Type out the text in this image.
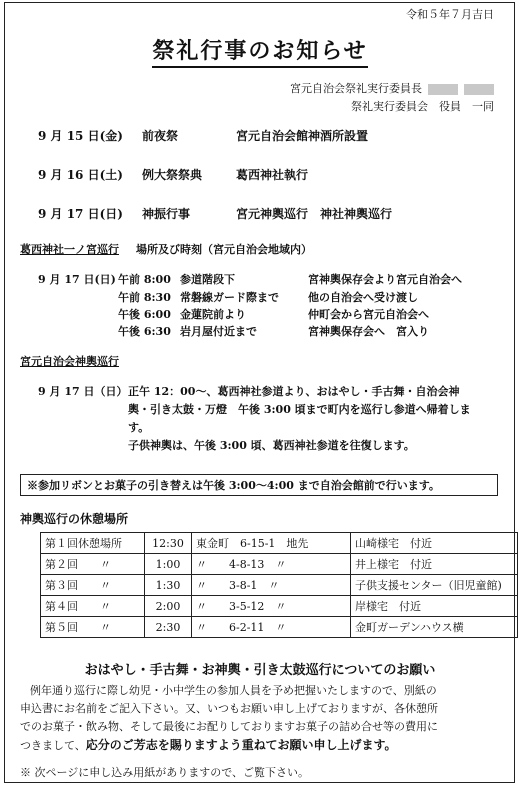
令和５年７月吉日
祭礼行事のお知らせ
宮元自治会祭礼実行委員長
祭礼実行委員会　役員　一同
9 月 15 日(金) 前夜祭	宮元自治会館神酒所設置
9 月 16 日(土) 例大祭祭典	葛西神社執行
9 月 17 日(日) 神振行事	宮元神輿巡行　神社神輿巡行
葛西神社一ノ宮巡行 場所及び時刻（宮元自治会地域内）
9 月 17 日(日) 午前 8:00 参道階段下	宮神輿保存会より宮元自治会へ
午前 8:30 常磐線ガード際まで	他の自治会へ受け渡し
午後 6:00 金蓮院前より	仲町会から宮元自治会へ
午後 6:30 岩月屋付近まで	宮神輿保存会へ　宮入り
宮元自治会神輿巡行
9 月 17 日（日） 正午 12：00～、葛西神社参道より、おはやし・手古舞・自治会神
輿・引き太鼓・万燈　午後 3:00 頃まで町内を巡行し参道へ帰着しま
す。
子供神輿は、午後 3:00 頃、葛西神社参道を往復します。
※参加リボンとお菓子の引き替えは午後 3:00～4:00 まで自治会館前で行います。
神輿巡行の休憩場所
第１回休憩場所	12:30	東金町　6-15-1　地先	山崎様宅　付近
第２回　　〃	1:00	〃　　4-8-13　〃	井上様宅　付近
第３回　　〃	1:30	〃　　3-8-1　〃	子供支援センター（旧児童館)
第４回　　〃	2:00	〃　　3-5-12　〃	岸様宅　付近
第５回　　〃	2:30	〃　　6-2-11　〃	金町ガーデンハウス横
おはやし・手古舞・お神輿・引き太鼓巡行についてのお願い
例年通り巡行に際し幼児・小中学生の参加人員を予め把握いたしますので、別紙の
申込書にお名前をご記入下さい。又、いつもお願い申し上げておりますが、各休憩所
でのお菓子・飲み物、そして最後にお配りしておりますお菓子の詰め合せ等の費用に
つきまして、応分のご芳志を賜りますよう重ねてお願い申し上げます。
※ 次ページに申し込み用紙がありますので、ご覧下さい。
